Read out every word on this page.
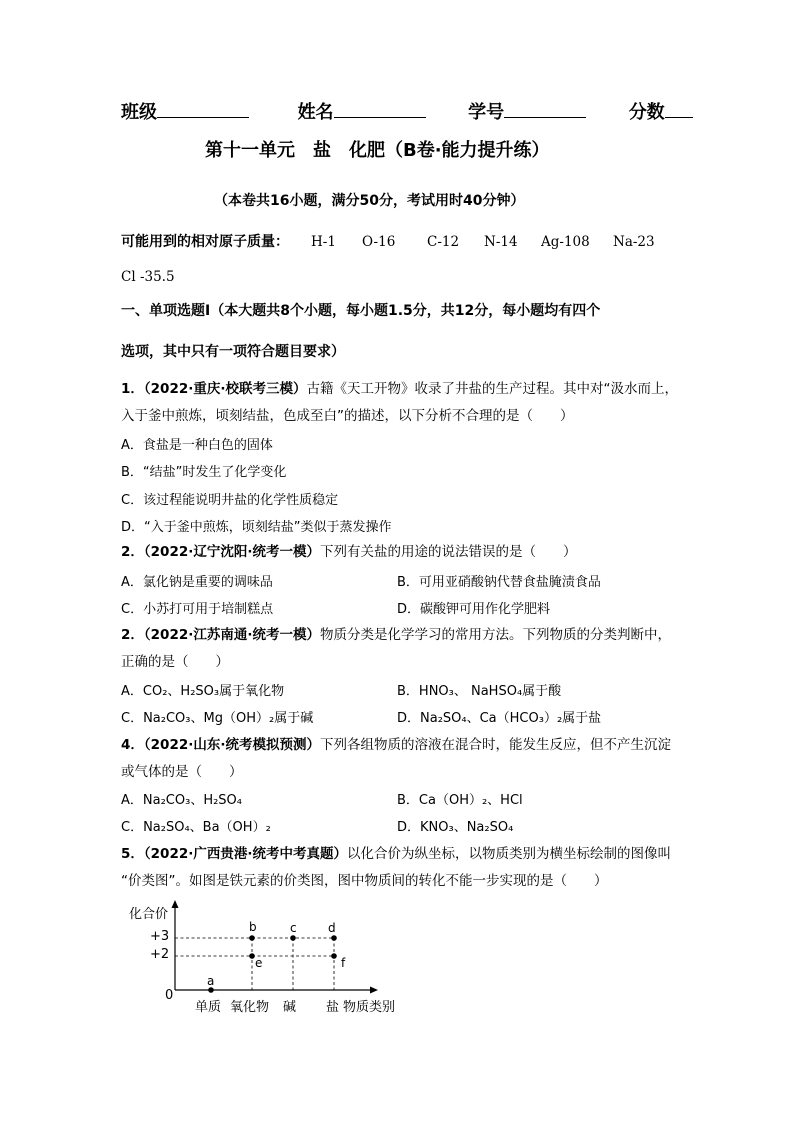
班级	姓名	学号	分数
第十一单元　盐　化肥（B卷·能力提升练）
（本卷共16小题，满分50分，考试用时40分钟）
可能用到的相对原子质量： H-1 O-16 C-12 N-14 Ag-108 Na-23
Cl -35.5
一、单项选题Ⅰ（本大题共8个小题，每小题1.5分，共12分，每小题均有四个
选项，其中只有一项符合题目要求）
1．（2022·重庆·校联考三模）古籍《天工开物》收录了井盐的生产过程。其中对“汲水而上，
入于釜中煎炼，顷刻结盐，色成至白”的描述，以下分析不合理的是（　　）
A．食盐是一种白色的固体
B．“结盐”时发生了化学变化
C．该过程能说明井盐的化学性质稳定
D．“入于釜中煎炼，顷刻结盐”类似于蒸发操作
2．（2022·辽宁沈阳·统考一模）下列有关盐的用途的说法错误的是（　　）
A．氯化钠是重要的调味品	B．可用亚硝酸钠代替食盐腌渍食品
C．小苏打可用于培制糕点	D．碳酸钾可用作化学肥料
2．（2022·江苏南通·统考一模）物质分类是化学学习的常用方法。下列物质的分类判断中，
正确的是（　　）
A．CO₂、H₂SO₃属于氧化物	B．HNO₃、 NaHSO₄属于酸
C．Na₂CO₃、Mg（OH）₂属于碱	D．Na₂SO₄、Ca（HCO₃）₂属于盐
4．（2022·山东·统考模拟预测）下列各组物质的溶液在混合时，能发生反应，但不产生沉淀
或气体的是（　　）
A．Na₂CO₃、H₂SO₄	B．Ca（OH）₂、HCl
C．Na₂SO₄、Ba（OH）₂	D．KNO₃、Na₂SO₄
5．（2022·广西贵港·统考中考真题）以化合价为纵坐标，以物质类别为横坐标绘制的图像叫
“价类图”。如图是铁元素的价类图，图中物质间的转化不能一步实现的是（　　）
化合价
+3
+2
0
单质 氧化物 碱 盐 物质类别
a
b	c	d
e	f
